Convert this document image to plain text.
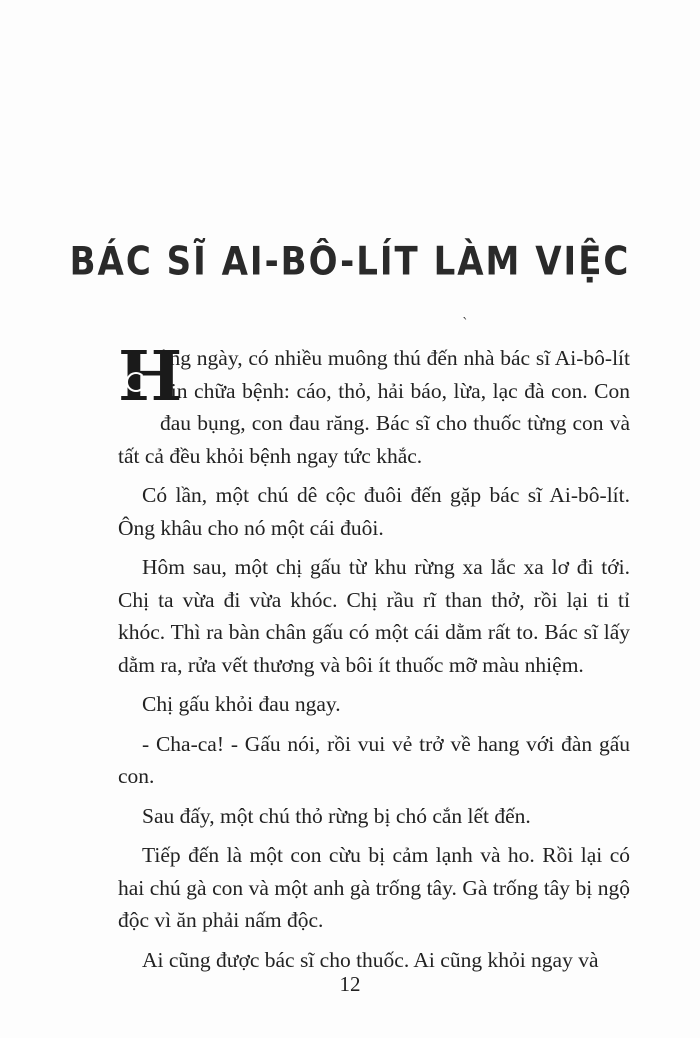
BÁC SĨ AI-BÔ-LÍT LÀM VIỆC
`

H
ằng ngày, có nhiều muông thú đến nhà bác sĩ Ai-bô-lít xin chữa bệnh: cáo, thỏ, hải báo, lừa, lạc đà con. Con đau bụng, con đau răng. Bác sĩ cho thuốc từng con và tất cả đều khỏi bệnh ngay tức khắc.

Có lần, một chú dê cộc đuôi đến gặp bác sĩ Ai-bô-lít. Ông khâu cho nó một cái đuôi.

Hôm sau, một chị gấu từ khu rừng xa lắc xa lơ đi tới. Chị ta vừa đi vừa khóc. Chị rầu rĩ than thở, rồi lại ti tỉ khóc. Thì ra bàn chân gấu có một cái dằm rất to. Bác sĩ lấy dằm ra, rửa vết thương và bôi ít thuốc mỡ màu nhiệm.

Chị gấu khỏi đau ngay.

- Cha-ca! - Gấu nói, rồi vui vẻ trở về hang với đàn gấu con.

Sau đấy, một chú thỏ rừng bị chó cắn lết đến.

Tiếp đến là một con cừu bị cảm lạnh và ho. Rồi lại có hai chú gà con và một anh gà trống tây. Gà trống tây bị ngộ độc vì ăn phải nấm độc.

Ai cũng được bác sĩ cho thuốc. Ai cũng khỏi ngay và

12
